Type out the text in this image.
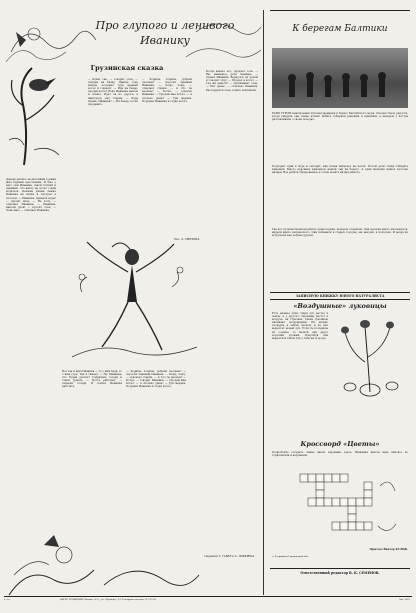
Про глупого и ленивого Иванику
Грузинская сказка
Далеко-далеко за высокими горами жил бедный крестьянин. И был у него сын Иваника, такой глупый и ленивый, что никто не хотел с ним водиться. Целыми днями лежал Иваника на печке и смотрел в потолок. — Иваника, принеси воды! — просит мать. — Не хочу, — отвечает Иваника. — Иваника, наколи дров! — просит отец. — Лень мне, — отвечает Иваника.
— Кхим, так, — говорит отец, — пойдём на базар. Принёс отец мешок, положил туда медный котёл и говорит: — Иди на базар, продай котёл. Взял Иваника мешок и пошёл. Идёт он по дороге, а навстречу ему старик. — Куда идёшь, Иваника? — На базар, котёл продавать.
— Ходишь, ходишь, добрый человек? — спросил ленивый Иваника. — Хожу, хожу, — отвечает старик. — А что ты несёшь? — Котёл, — говорит Иваника. — Продай мне котёл. — А сколько дашь? — Три медяка. Подумал Иваника и отдал котёл.
Когда вышел его, продает соль. — Вы, наверное, дети ленивые, — сказал Иваника. Вернулся он домой и говорит отцу: — Продал я котёл. — Где же деньги? — спрашивает отец. — Нет денег, — отвечает Иваника. Рассердился отец, а мать заплакала.
Рис. Л. СМЕХОВА.
Вот так и жил Иваника — то с ним беда, то с ним горе. Так я сказал: — Ну, Иваника, что будем делать? Собрались соседи и стали думать. — Пусть работает, — сказали соседи. И пошёл Иваника работать.
— Ходишь, ходишь, добрый человек? — спросил ленивый Иваника. — Хожу, хожу, — отвечает старик. — А что ты несёшь? — Котёл, — говорит Иваника. — Продай мне котёл. — А сколько дашь? — Три медяка. Подумал Иваника и отдал котёл.
Перевели Т. ГАБЕЕ и А. ЛИБЕРЕКА.
К берегам Балтики
РАНО УТРОМ вышли наши путешественники к берегу Балтийского моря. Сколько было радости, когда увидели они синие волны! Ребята собирали ракушки и камешки, а вечером у костра рассказывали о своих походах.
Подходит один к воде и смотрит, как волна набегает на песок. Потом дети стали собирать камешки. Много красивых камешков нашли они на берегу. А один мальчик нашёл кусочек янтаря. Все ребята обрадовались и стали искать янтарь вместе.
Так вот путешествовали ребята: днём ходили, вечером отдыхали. Они прошли много километров, видели много интересного. Они побывали в старых городах, на заводах, в колхозах. И везде их встречали как добрых друзей.
ЗАПИСНУЮ КНИЖКУ ЮНОГО НАТУРАЛИСТА
«Воздушные» луковицы
Есть разные луки. Один лук растёт в земле, а у другого луковицы растут в воздухе, на стрелках. Такие луковицы называют воздушными. Их можно посадить в землю весной, и из них вырастет новый лук. Если ты посадишь их осенью, то весной они дадут хороший урожай. Попробуй сам вырастить такой лук у себя на огороде.
Кроссворд «Цветы»
Попробуйте отгадать, какие цветы задуманы здесь. Названия цветов надо вписать по горизонтали и вертикали.
Прислал Виктор КУЛИК.
г. Дзержинск Горьковской обл.
Ответственный редактор В. К. СЕМЕНОВ.
4 ═══	АДРЕС РЕДАКЦИИ: Москва, А-55, ул. «Правды», 24. Телефоны отделов: Д 3-35-00.	Зак. 1461
